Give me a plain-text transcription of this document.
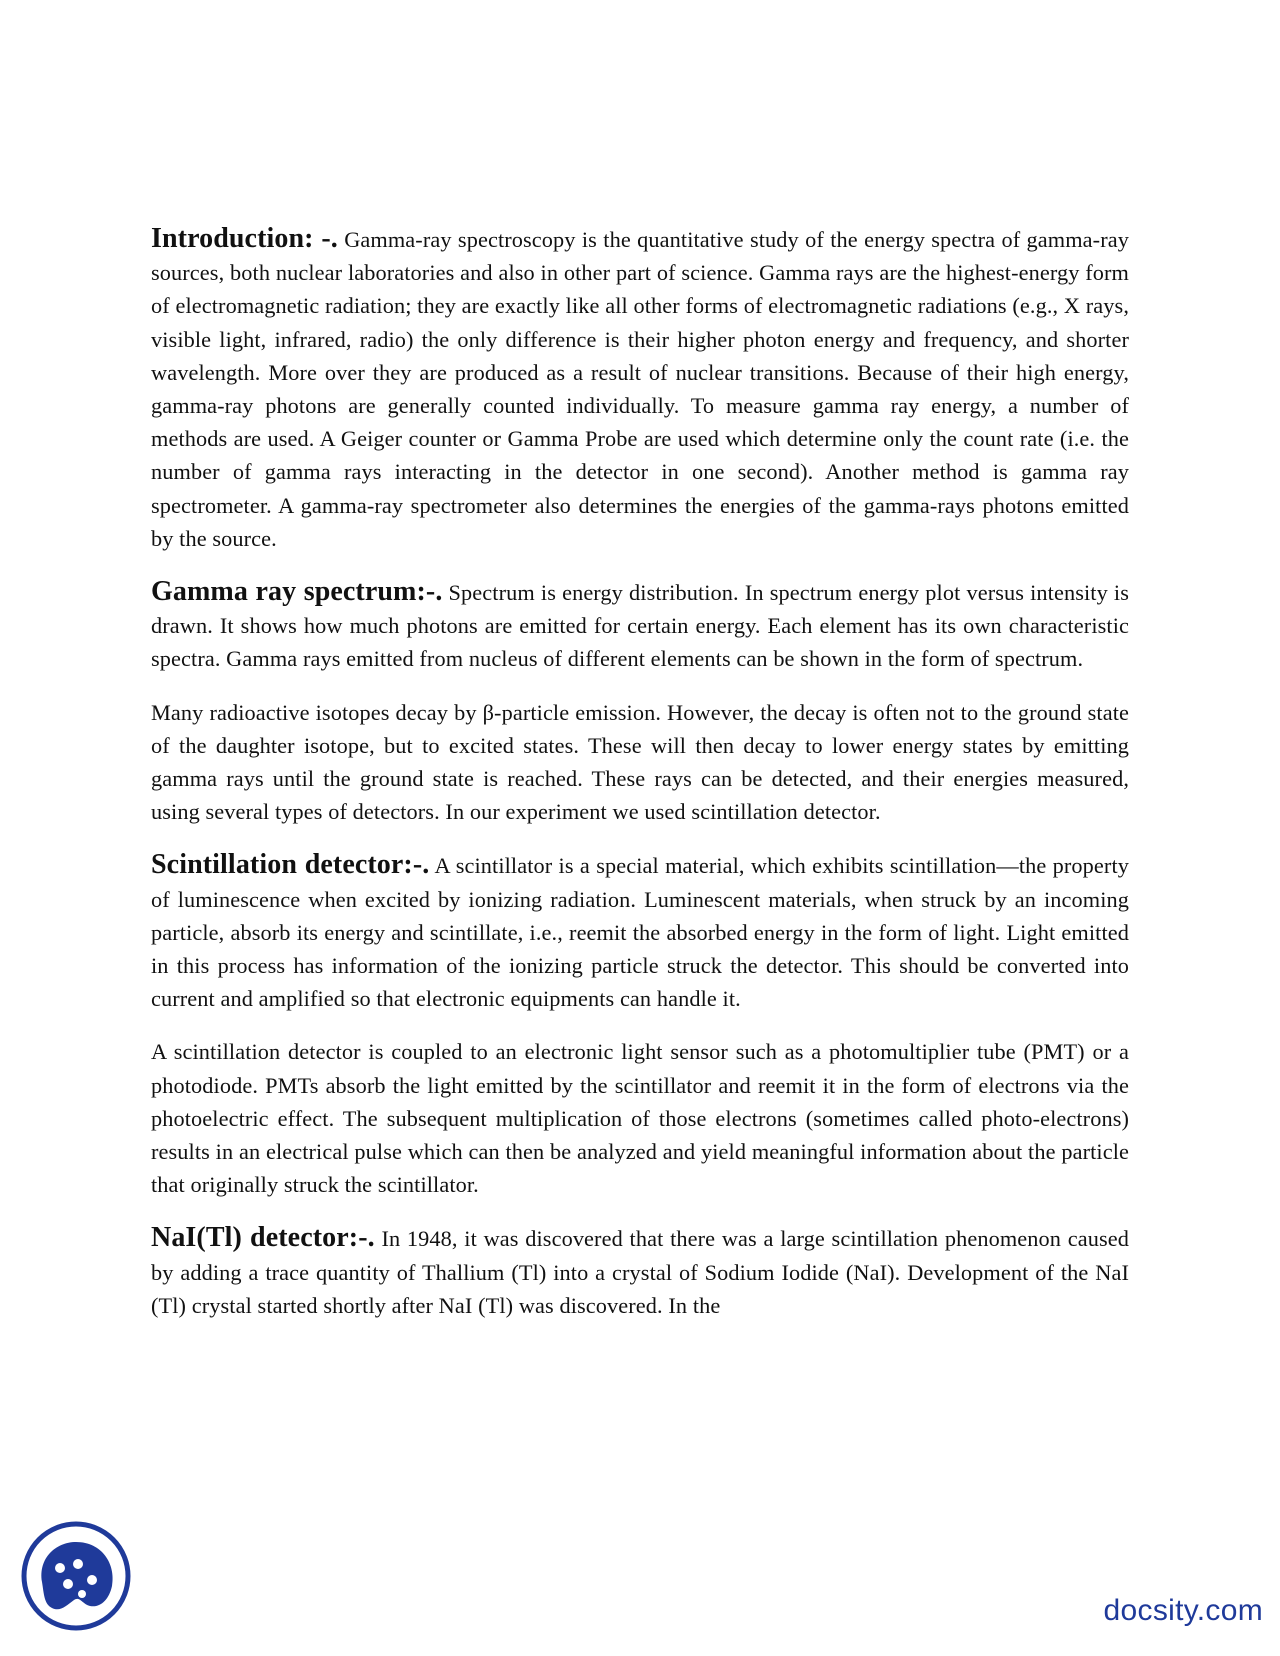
Introduction: -. Gamma-ray spectroscopy is the quantitative study of the energy spectra of gamma-ray sources, both nuclear laboratories and also in other part of science. Gamma rays are the highest-energy form of electromagnetic radiation; they are exactly like all other forms of electromagnetic radiations (e.g., X rays, visible light, infrared, radio) the only difference is their higher photon energy and frequency, and shorter wavelength. More over they are produced as a result of nuclear transitions. Because of their high energy, gamma-ray photons are generally counted individually. To measure gamma ray energy, a number of methods are used. A Geiger counter or Gamma Probe are used which determine only the count rate (i.e. the number of gamma rays interacting in the detector in one second). Another method is gamma ray spectrometer. A gamma-ray spectrometer also determines the energies of the gamma-rays photons emitted by the source.

Gamma ray spectrum:-. Spectrum is energy distribution. In spectrum energy plot versus intensity is drawn. It shows how much photons are emitted for certain energy. Each element has its own characteristic spectra. Gamma rays emitted from nucleus of different elements can be shown in the form of spectrum.

Many radioactive isotopes decay by β-particle emission. However, the decay is often not to the ground state of the daughter isotope, but to excited states. These will then decay to lower energy states by emitting gamma rays until the ground state is reached. These rays can be detected, and their energies measured, using several types of detectors. In our experiment we used scintillation detector.

Scintillation detector:-. A scintillator is a special material, which exhibits scintillation—the property of luminescence when excited by ionizing radiation. Luminescent materials, when struck by an incoming particle, absorb its energy and scintillate, i.e., reemit the absorbed energy in the form of light. Light emitted in this process has information of the ionizing particle struck the detector. This should be converted into current and amplified so that electronic equipments can handle it.

A scintillation detector is coupled to an electronic light sensor such as a photomultiplier tube (PMT) or a photodiode. PMTs absorb the light emitted by the scintillator and reemit it in the form of electrons via the photoelectric effect. The subsequent multiplication of those electrons (sometimes called photo-electrons) results in an electrical pulse which can then be analyzed and yield meaningful information about the particle that originally struck the scintillator.

NaI(Tl) detector:-. In 1948, it was discovered that there was a large scintillation phenomenon caused by adding a trace quantity of Thallium (Tl) into a crystal of Sodium Iodide (NaI). Development of the NaI (Tl) crystal started shortly after NaI (Tl) was discovered. In the

docsity.com
